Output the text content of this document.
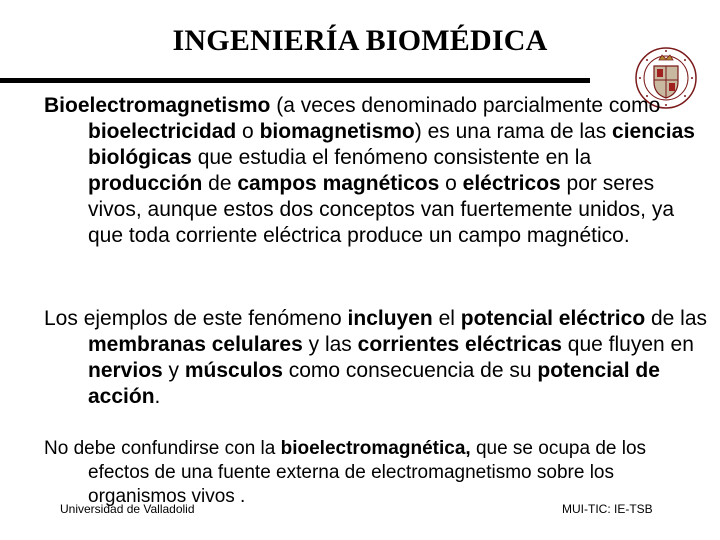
INGENIERÍA BIOMÉDICA

Bioelectromagnetismo (a veces denominado parcialmente como bioelectricidad o biomagnetismo) es una rama de las ciencias biológicas que estudia el fenómeno consistente en la producción de campos magnéticos o eléctricos por seres vivos, aunque estos dos conceptos van fuertemente unidos, ya que toda corriente eléctrica produce un campo magnético.

Los ejemplos de este fenómeno incluyen el potencial eléctrico de las membranas celulares y las corrientes eléctricas que fluyen en nervios y músculos como consecuencia de su potencial de acción.

No debe confundirse con la bioelectromagnética, que se ocupa de los efectos de una fuente externa de electromagnetismo sobre los organismos vivos .

Universidad de Valladolid	MUI-TIC: IE-TSB
